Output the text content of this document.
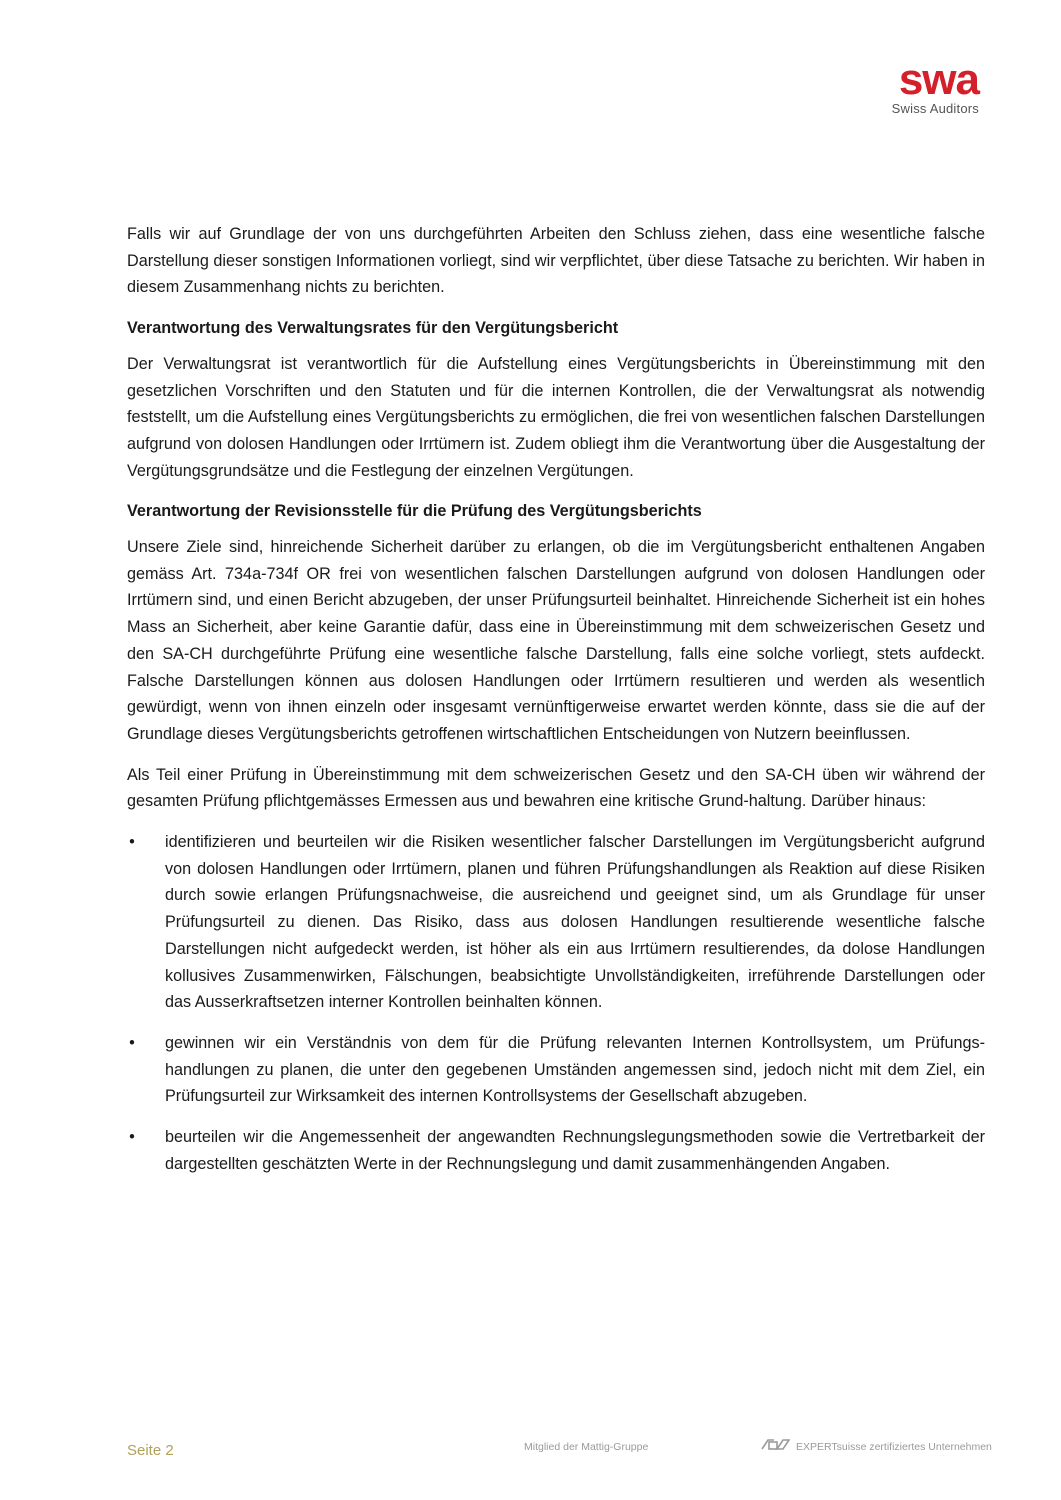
swa
Swiss Auditors

Falls wir auf Grundlage der von uns durchgeführten Arbeiten den Schluss ziehen, dass eine wesentliche falsche Darstellung dieser sonstigen Informationen vorliegt, sind wir verpflichtet, über diese Tatsache zu berichten. Wir haben in diesem Zusammenhang nichts zu berichten.

Verantwortung des Verwaltungsrates für den Vergütungsbericht

Der Verwaltungsrat ist verantwortlich für die Aufstellung eines Vergütungsberichts in Übereinstimmung mit den gesetzlichen Vorschriften und den Statuten und für die internen Kontrollen, die der Verwaltungsrat als notwendig feststellt, um die Aufstellung eines Vergütungsberichts zu ermöglichen, die frei von wesentlichen falschen Darstellungen aufgrund von dolosen Handlungen oder Irrtümern ist. Zudem obliegt ihm die Verantwortung über die Ausgestaltung der Vergütungsgrundsätze und die Festlegung der einzelnen Vergütungen.

Verantwortung der Revisionsstelle für die Prüfung des Vergütungsberichts

Unsere Ziele sind, hinreichende Sicherheit darüber zu erlangen, ob die im Vergütungsbericht enthaltenen Angaben gemäss Art. 734a-734f OR frei von wesentlichen falschen Darstellungen aufgrund von dolosen Handlungen oder Irrtümern sind, und einen Bericht abzugeben, der unser Prüfungsurteil beinhaltet. Hinreichende Sicherheit ist ein hohes Mass an Sicherheit, aber keine Garantie dafür, dass eine in Übereinstimmung mit dem schweizerischen Gesetz und den SA-CH durchgeführte Prüfung eine wesentliche falsche Darstellung, falls eine solche vorliegt, stets aufdeckt. Falsche Darstellungen können aus dolosen Handlungen oder Irrtümern resultieren und werden als wesentlich gewürdigt, wenn von ihnen einzeln oder insgesamt vernünftigerweise erwartet werden könnte, dass sie die auf der Grundlage dieses Vergütungsberichts getroffenen wirtschaftlichen Entscheidungen von Nutzern beeinflussen.

Als Teil einer Prüfung in Übereinstimmung mit dem schweizerischen Gesetz und den SA-CH üben wir während der gesamten Prüfung pflichtgemässes Ermessen aus und bewahren eine kritische Grund-haltung. Darüber hinaus:

• identifizieren und beurteilen wir die Risiken wesentlicher falscher Darstellungen im Vergütungsbericht aufgrund von dolosen Handlungen oder Irrtümern, planen und führen Prüfungshandlungen als Reaktion auf diese Risiken durch sowie erlangen Prüfungsnachweise, die ausreichend und geeignet sind, um als Grundlage für unser Prüfungsurteil zu dienen. Das Risiko, dass aus dolosen Handlungen resultierende wesentliche falsche Darstellungen nicht aufgedeckt werden, ist höher als ein aus Irrtümern resultierendes, da dolose Handlungen kollusives Zusammenwirken, Fälschungen, beabsichtigte Unvollständigkeiten, irreführende Darstellungen oder das Ausserkraftsetzen interner Kontrollen beinhalten können.
• gewinnen wir ein Verständnis von dem für die Prüfung relevanten Internen Kontrollsystem, um Prüfungshandlungen zu planen, die unter den gegebenen Umständen angemessen sind, jedoch nicht mit dem Ziel, ein Prüfungsurteil zur Wirksamkeit des internen Kontrollsystems der Gesellschaft abzugeben.
• beurteilen wir die Angemessenheit der angewandten Rechnungslegungsmethoden sowie die Vertretbarkeit der dargestellten geschätzten Werte in der Rechnungslegung und damit zusammenhängenden Angaben.
Seite 2	Mitglied der Mattig-Gruppe	EXPERTsuisse zertifiziertes Unternehmen
